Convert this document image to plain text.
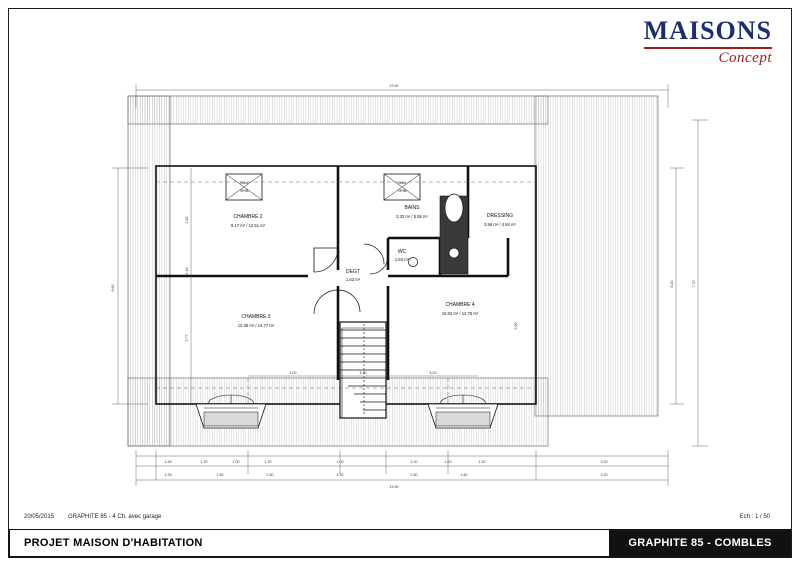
MAISONS
Concept
Velux
78*98
Velux
78*98
CHAMBRE 2
9.17 m² / 12.51 m²
BAINS
3.32 m² / 5.55 m²	DRESSING
3.56 m² / 4.84 m²
WC
1.53 m²
DEGT
1.62 m²
CHAMBRE 3
12.35 m² / 14.77 m²
CHAMBRE 4
10.83 m² / 12.75 m²
13.90
8.60
2.92
1.40
3.77
7.70
8.20
3.90
4.00	4.30	4.20
1.26	1.20	1.00	1.20	1.00	1.20	1.00	1.20	3.20
1.26	1.60	1.60	4.30	1.60	1.60	3.20
13.90
20/05/2015 GRAPHITE 85 - 4 Ch. avec garage	Ech : 1 / 50
PROJET MAISON D'HABITATION	GRAPHITE 85 - COMBLES
